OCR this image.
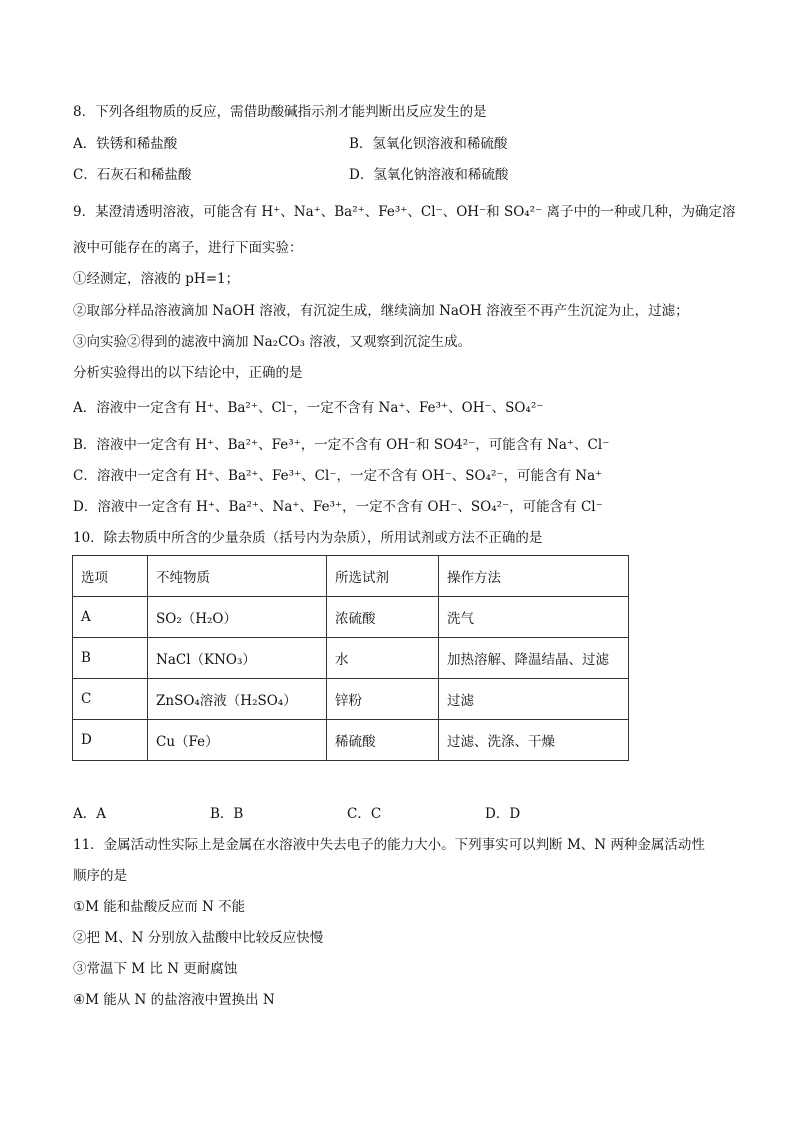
8．下列各组物质的反应，需借助酸碱指示剂才能判断出反应发生的是
A．铁锈和稀盐酸	B．氢氧化钡溶液和稀硫酸
C．石灰石和稀盐酸	D．氢氧化钠溶液和稀硫酸
9．某澄清透明溶液，可能含有 H⁺、Na⁺、Ba²⁺、Fe³⁺、Cl⁻、OH⁻和 SO₄²⁻ 离子中的一种或几种，为确定溶
液中可能存在的离子，进行下面实验：
①经测定，溶液的 pH=1；
②取部分样品溶液滴加 NaOH 溶液，有沉淀生成，继续滴加 NaOH 溶液至不再产生沉淀为止，过滤；
③向实验②得到的滤液中滴加 Na₂CO₃ 溶液，又观察到沉淀生成。
分析实验得出的以下结论中，正确的是
A．溶液中一定含有 H⁺、Ba²⁺、Cl⁻，一定不含有 Na⁺、Fe³⁺、OH⁻、SO₄²⁻
B．溶液中一定含有 H⁺、Ba²⁺、Fe³⁺，一定不含有 OH⁻和 SO4²⁻，可能含有 Na⁺、Cl⁻
C．溶液中一定含有 H⁺、Ba²⁺、Fe³⁺、Cl⁻，一定不含有 OH⁻、SO₄²⁻，可能含有 Na⁺
D．溶液中一定含有 H⁺、Ba²⁺、Na⁺、Fe³⁺，一定不含有 OH⁻、SO₄²⁻，可能含有 Cl⁻
10．除去物质中所含的少量杂质（括号内为杂质），所用试剂或方法不正确的是
选项	不纯物质	所选试剂	操作方法
A	SO₂（H₂O）	浓硫酸	洗气
B	NaCl（KNO₃）	水	加热溶解、降温结晶、过滤
C	ZnSO₄溶液（H₂SO₄）	锌粉	过滤
D	Cu（Fe）	稀硫酸	过滤、洗涤、干燥
A．A	B．B	C．C	D．D
11．金属活动性实际上是金属在水溶液中失去电子的能力大小。下列事实可以判断 M、N 两种金属活动性
顺序的是
①M 能和盐酸反应而 N 不能
②把 M、N 分别放入盐酸中比较反应快慢
③常温下 M 比 N 更耐腐蚀
④M 能从 N 的盐溶液中置换出 N
